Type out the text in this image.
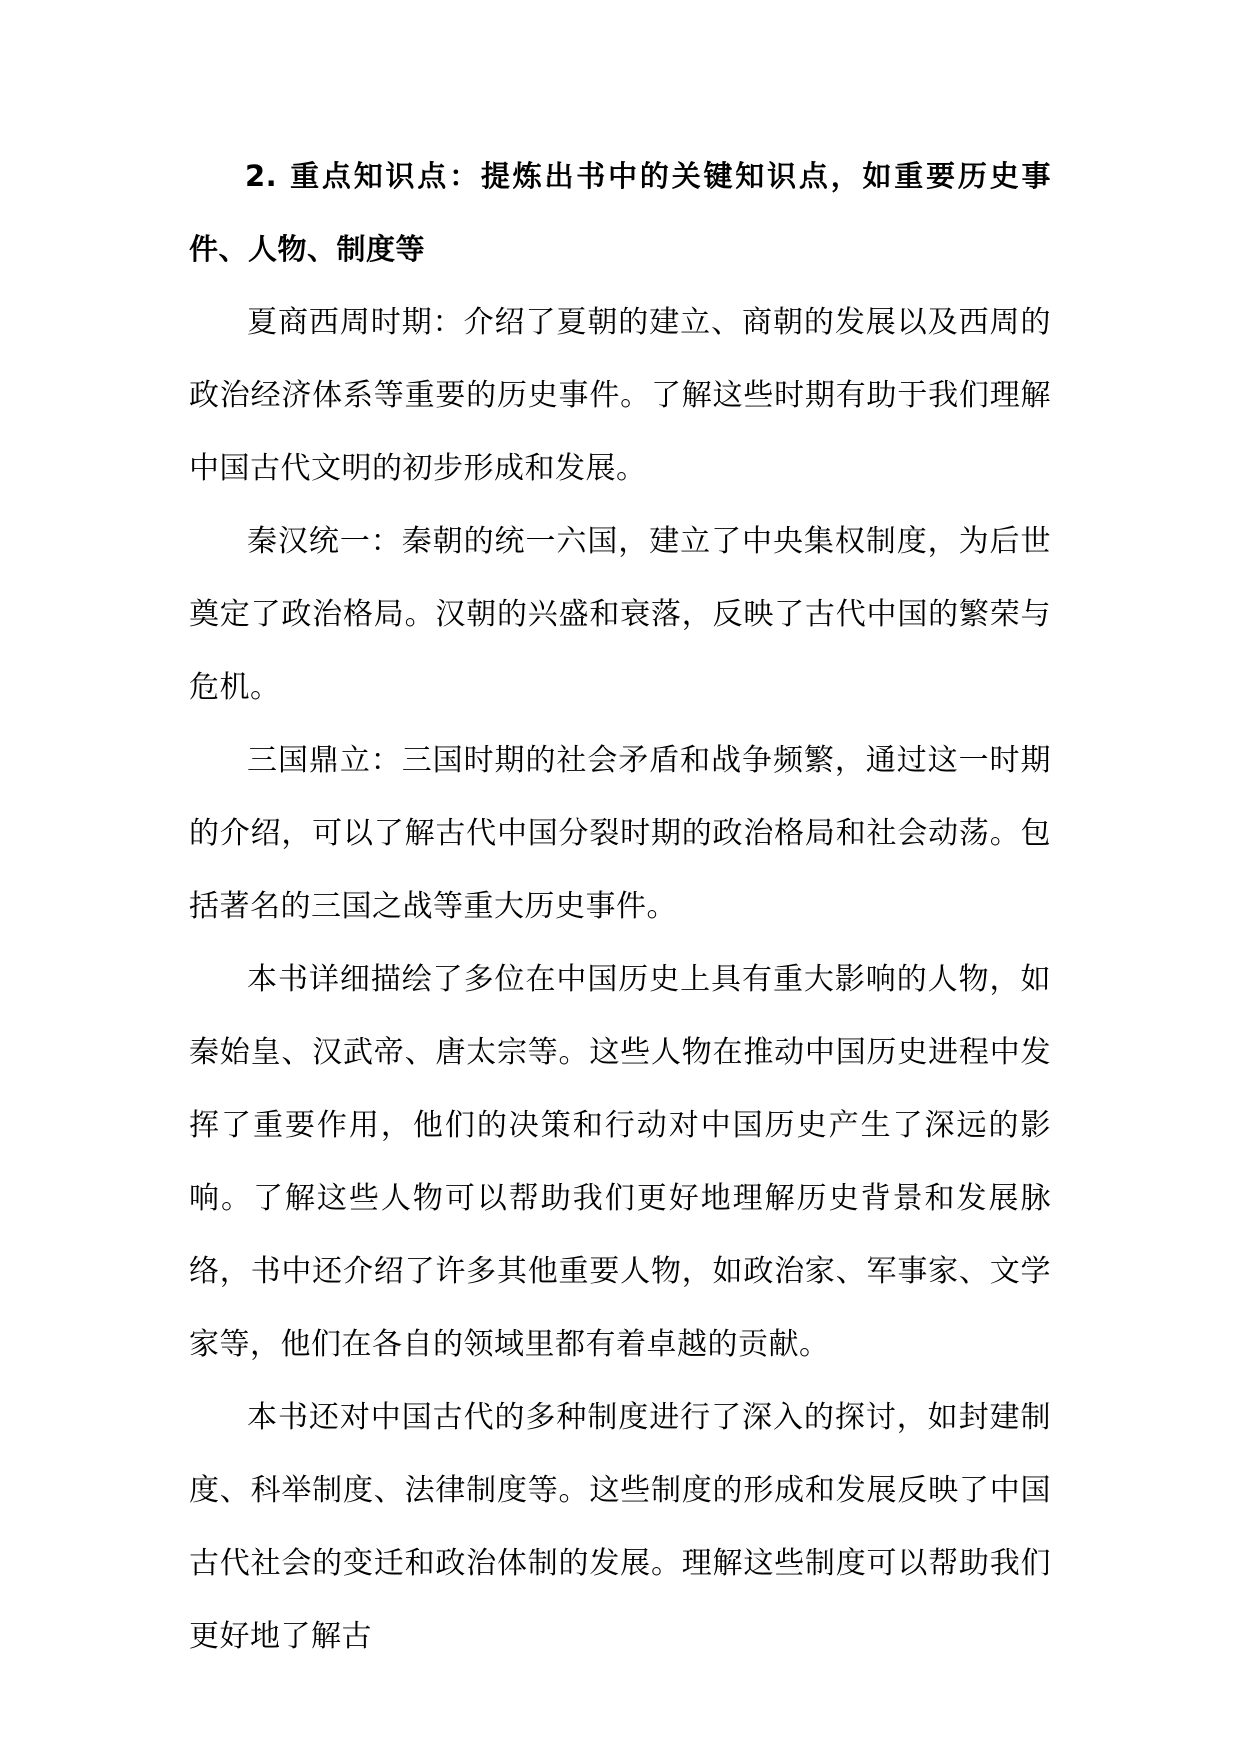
2. 重点知识点：提炼出书中的关键知识点，如重要历史事件、人物、制度等

夏商西周时期：介绍了夏朝的建立、商朝的发展以及西周的政治经济体系等重要的历史事件。了解这些时期有助于我们理解中国古代文明的初步形成和发展。

秦汉统一：秦朝的统一六国，建立了中央集权制度，为后世奠定了政治格局。汉朝的兴盛和衰落，反映了古代中国的繁荣与危机。

三国鼎立：三国时期的社会矛盾和战争频繁，通过这一时期的介绍，可以了解古代中国分裂时期的政治格局和社会动荡。包括著名的三国之战等重大历史事件。

本书详细描绘了多位在中国历史上具有重大影响的人物，如秦始皇、汉武帝、唐太宗等。这些人物在推动中国历史进程中发挥了重要作用，他们的决策和行动对中国历史产生了深远的影响。了解这些人物可以帮助我们更好地理解历史背景和发展脉络，书中还介绍了许多其他重要人物，如政治家、军事家、文学家等，他们在各自的领域里都有着卓越的贡献。

本书还对中国古代的多种制度进行了深入的探讨，如封建制度、科举制度、法律制度等。这些制度的形成和发展反映了中国古代社会的变迁和政治体制的发展。理解这些制度可以帮助我们更好地了解古
